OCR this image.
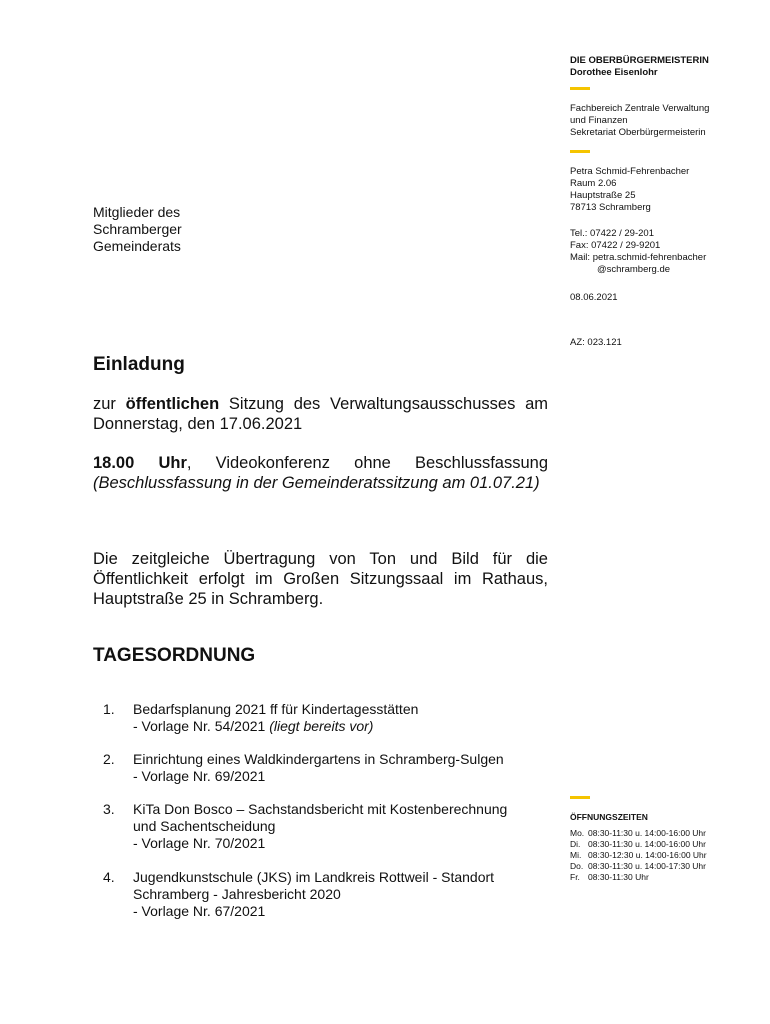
DIE OBERBÜRGERMEISTERIN
Dorothee Eisenlohr
Fachbereich Zentrale Verwaltung
und Finanzen
Sekretariat Oberbürgermeisterin
Petra Schmid-Fehrenbacher
Raum 2.06
Hauptstraße 25
78713 Schramberg
Tel.: 07422 / 29-201
Fax: 07422 / 29-9201
Mail: petra.schmid-fehrenbacher
@schramberg.de
08.06.2021
AZ: 023.121
Mitglieder des
Schramberger
Gemeinderats
Einladung
zur öffentlichen Sitzung des Verwaltungsausschusses am Donnerstag, den 17.06.2021
18.00 Uhr, Videokonferenz ohne Beschlussfassung (Beschlussfassung in der Gemeinderatssitzung am 01.07.21)
Die zeitgleiche Übertragung von Ton und Bild für die Öffentlichkeit erfolgt im Großen Sitzungssaal im Rathaus, Hauptstraße 25 in Schramberg.
TAGESORDNUNG
1.	Bedarfsplanung 2021 ff für Kindertagesstätten
- Vorlage Nr. 54/2021 (liegt bereits vor)
2.	Einrichtung eines Waldkindergartens in Schramberg-Sulgen
- Vorlage Nr. 69/2021
3.	KiTa Don Bosco – Sachstandsbericht mit Kostenberechnung
und Sachentscheidung
- Vorlage Nr. 70/2021
4.	Jugendkunstschule (JKS) im Landkreis Rottweil - Standort
Schramberg - Jahresbericht 2020
- Vorlage Nr. 67/2021
ÖFFNUNGSZEITEN
Mo. 08:30-11:30 u. 14:00-16:00 Uhr
Di. 08:30-11:30 u. 14:00-16:00 Uhr
Mi. 08:30-12:30 u. 14:00-16:00 Uhr
Do. 08:30-11:30 u. 14:00-17:30 Uhr
Fr. 08:30-11:30 Uhr
